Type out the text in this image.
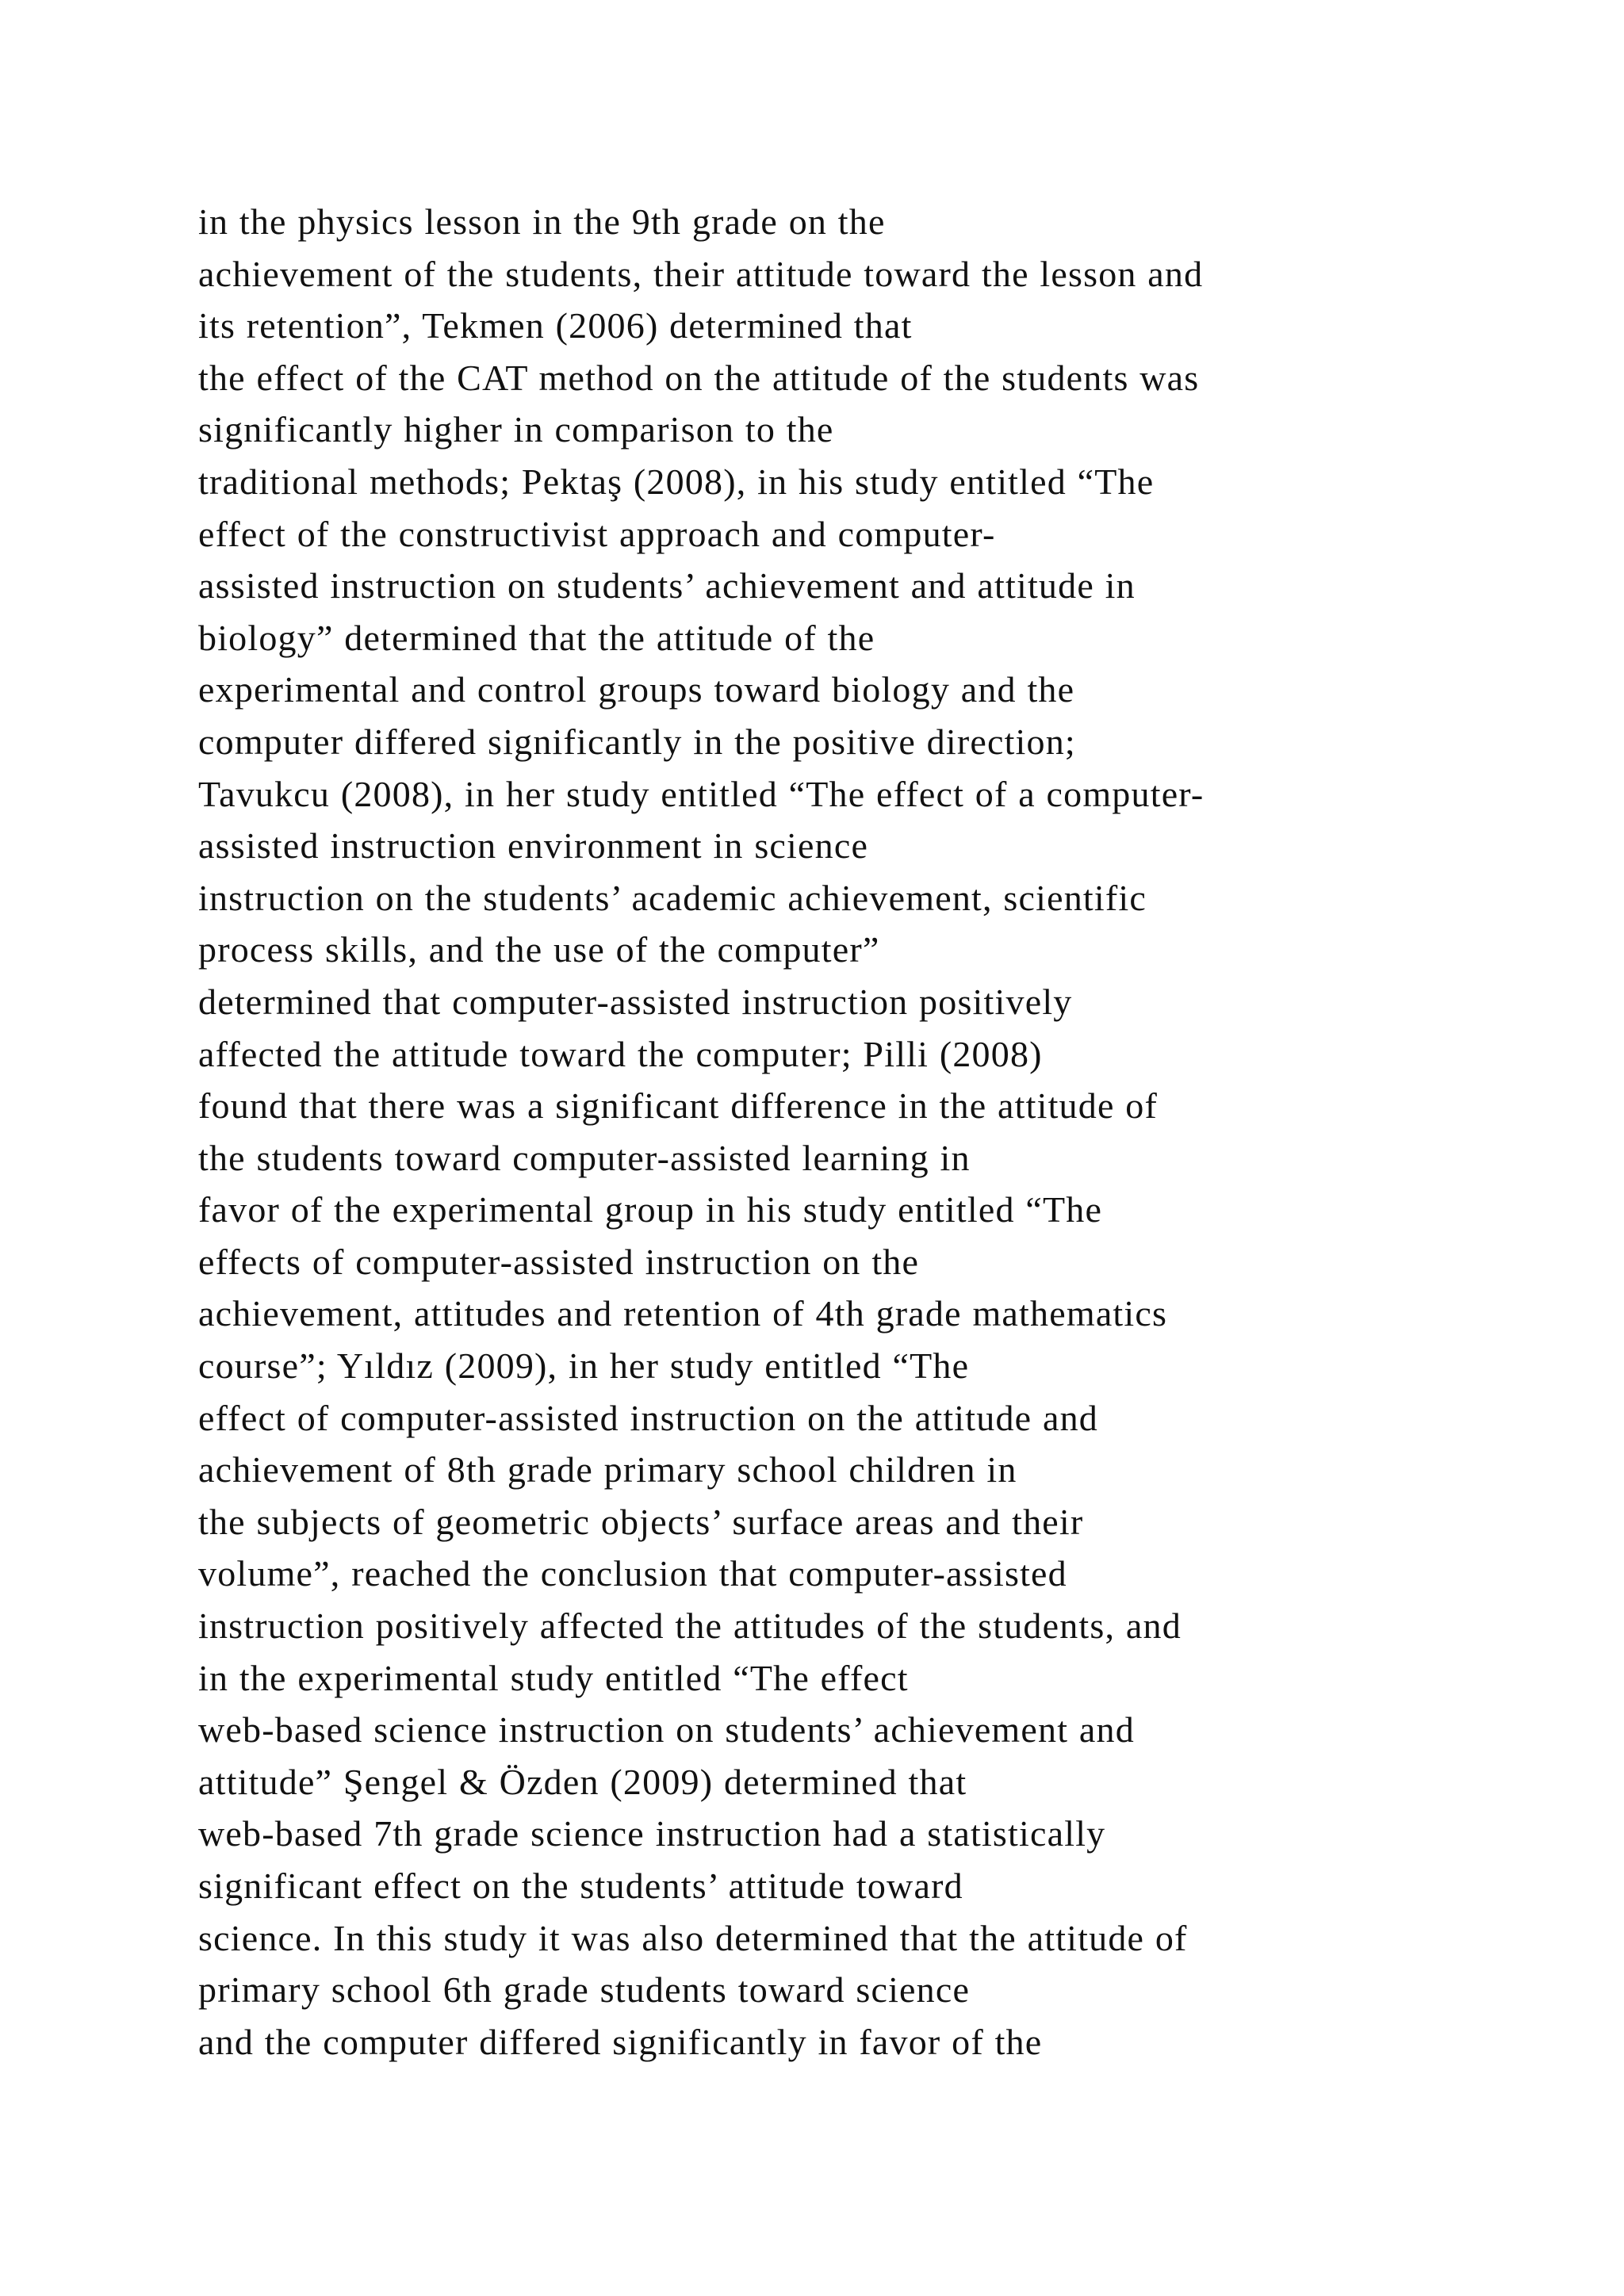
in the physics lesson in the 9th grade on the
achievement of the students, their attitude toward the lesson and
its retention”, Tekmen (2006) determined that
the effect of the CAT method on the attitude of the students was
significantly higher in comparison to the
traditional methods; Pektaş (2008), in his study entitled “The
effect of the constructivist approach and computer-
assisted instruction on students’ achievement and attitude in
biology” determined that the attitude of the
experimental and control groups toward biology and the
computer differed significantly in the positive direction;
Tavukcu (2008), in her study entitled “The effect of a computer-
assisted instruction environment in science
instruction on the students’ academic achievement, scientific
process skills, and the use of the computer”
determined that computer-assisted instruction positively
affected the attitude toward the computer; Pilli (2008)
found that there was a significant difference in the attitude of
the students toward computer-assisted learning in
favor of the experimental group in his study entitled “The
effects of computer-assisted instruction on the
achievement, attitudes and retention of 4th grade mathematics
course”; Yıldız (2009), in her study entitled “The
effect of computer-assisted instruction on the attitude and
achievement of 8th grade primary school children in
the subjects of geometric objects’ surface areas and their
volume”, reached the conclusion that computer-assisted
instruction positively affected the attitudes of the students, and
in the experimental study entitled “The effect
web-based science instruction on students’ achievement and
attitude” Şengel & Özden (2009) determined that
web-based 7th grade science instruction had a statistically
significant effect on the students’ attitude toward
science. In this study it was also determined that the attitude of
primary school 6th grade students toward science
and the computer differed significantly in favor of the
